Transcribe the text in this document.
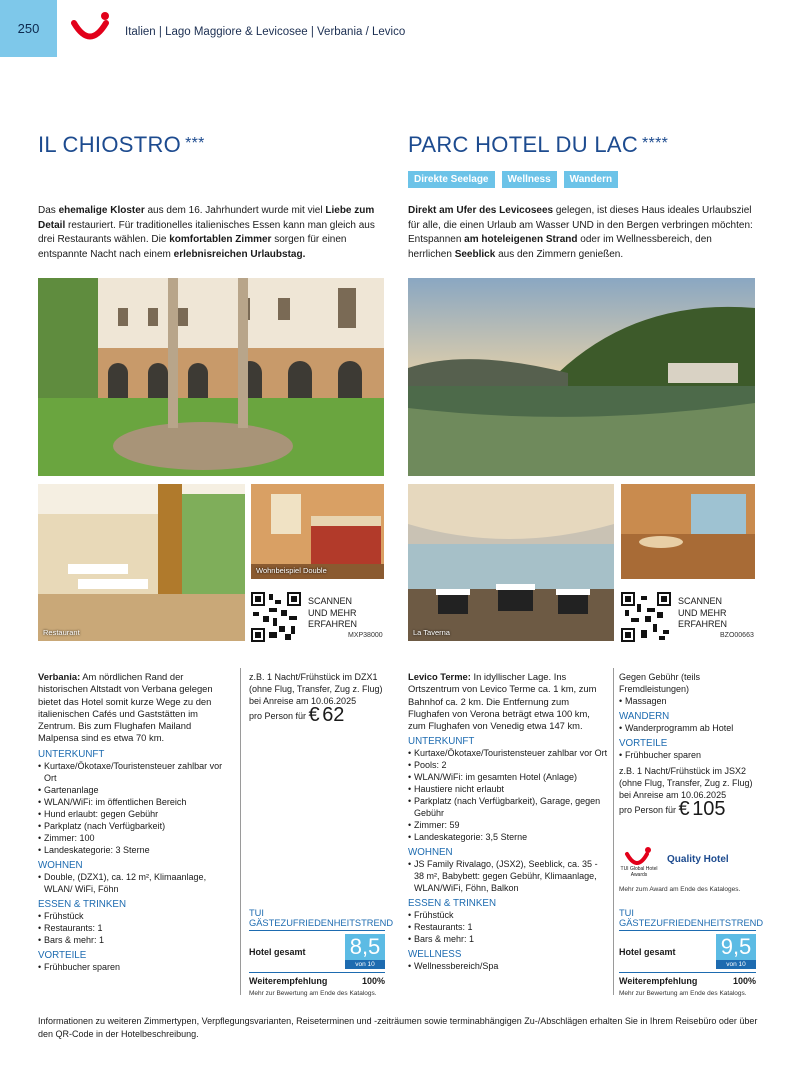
250	Italien | Lago Maggiore & Levicosee | Verbania / Levico
IL CHIOSTRO ***	PARC HOTEL DU LAC ****
Direkte Seelage	Wellness	Wandern
Das ehemalige Kloster aus dem 16. Jahrhundert wurde mit viel Liebe zum Detail restauriert. Für traditionelles italienisches Essen kann man gleich aus drei Restaurants wählen. Die komfortablen Zimmer sorgen für einen entspannte Nacht nach einem erlebnisreichen Urlaubstag.
Direkt am Ufer des Levicosees gelegen, ist dieses Haus ideales Urlaubsziel für alle, die einen Urlaub am Wasser UND in den Bergen verbringen möchten: Entspannen am hoteleigenen Strand oder im Wellnessbereich, den herrlichen Seeblick aus den Zimmern genießen.
Restaurant
Wohnbeispiel Double
SCANNEN
UND MEHR
ERFAHREN
MXP38000	La Taverna
SCANNEN
UND MEHR
ERFAHREN
BZO00663
Verbania: Am nördlichen Rand der historischen Altstadt von Verbana gelegen bietet das Hotel somit kurze Wege zu den italienischen Cafés und Gaststätten im Zentrum. Bis zum Flughafen Mailand Malpensa sind es etwa 70 km.
UNTERKUNFT
• Kurtaxe/Ökotaxe/Touristensteuer zahlbar vor Ort
• Gartenanlage
• WLAN/WiFi: im öffentlichen Bereich
• Hund erlaubt: gegen Gebühr
• Parkplatz (nach Verfügbarkeit)
• Zimmer: 100
• Landeskategorie: 3 Sterne
WOHNEN
• Double, (DZX1), ca. 12 m², Klimaanlage, WLAN/ WiFi, Föhn
ESSEN & TRINKEN
• Frühstück
• Restaurants: 1
• Bars & mehr: 1
VORTEILE
• Frühbucher sparen
z.B. 1 Nacht/Frühstück im DZX1 (ohne Flug, Transfer, Zug z. Flug) bei Anreise am 10.06.2025
pro Person für € 62
TUI GÄSTEZUFRIEDENHEITSTREND
Hotel gesamt 8,5
von 10
Weiterempfehlung	100%
Mehr zur Bewertung am Ende des Katalogs.
Levico Terme: In idyllischer Lage. Ins Ortszentrum von Levico Terme ca. 1 km, zum Bahnhof ca. 2 km. Die Entfernung zum Flughafen von Verona beträgt etwa 100 km, zum Flughafen von Venedig etwa 147 km.
UNTERKUNFT
• Kurtaxe/Ökotaxe/Touristensteuer zahlbar vor Ort
• Pools: 2
• WLAN/WiFi: im gesamten Hotel (Anlage)
• Haustiere nicht erlaubt
• Parkplatz (nach Verfügbarkeit), Garage, gegen Gebühr
• Zimmer: 59
• Landeskategorie: 3,5 Sterne
WOHNEN
• JS Family Rivalago, (JSX2), Seeblick, ca. 35 - 38 m², Babybett: gegen Gebühr, Klimaanlage, WLAN/WiFi, Föhn, Balkon
ESSEN & TRINKEN
• Frühstück
• Restaurants: 1
• Bars & mehr: 1
WELLNESS
• Wellnessbereich/Spa
Gegen Gebühr (teils Fremdleistungen)
• Massagen
WANDERN
• Wanderprogramm ab Hotel
VORTEILE
• Frühbucher sparen
z.B. 1 Nacht/Frühstück im JSX2 (ohne Flug, Transfer, Zug z. Flug) bei Anreise am 10.06.2025
pro Person für € 105
TUI Global Hotel Awards
Quality Hotel
Mehr zum Award am Ende des Kataloges.
TUI GÄSTEZUFRIEDENHEITSTREND
Hotel gesamt 9,5
von 10
Weiterempfehlung	100%
Mehr zur Bewertung am Ende des Katalogs.
Informationen zu weiteren Zimmertypen, Verpflegungsvarianten, Reiseterminen und -zeiträumen sowie terminabhängigen Zu-/Abschlägen erhalten Sie in Ihrem Reisebüro oder über den QR-Code in der Hotelbeschreibung.
